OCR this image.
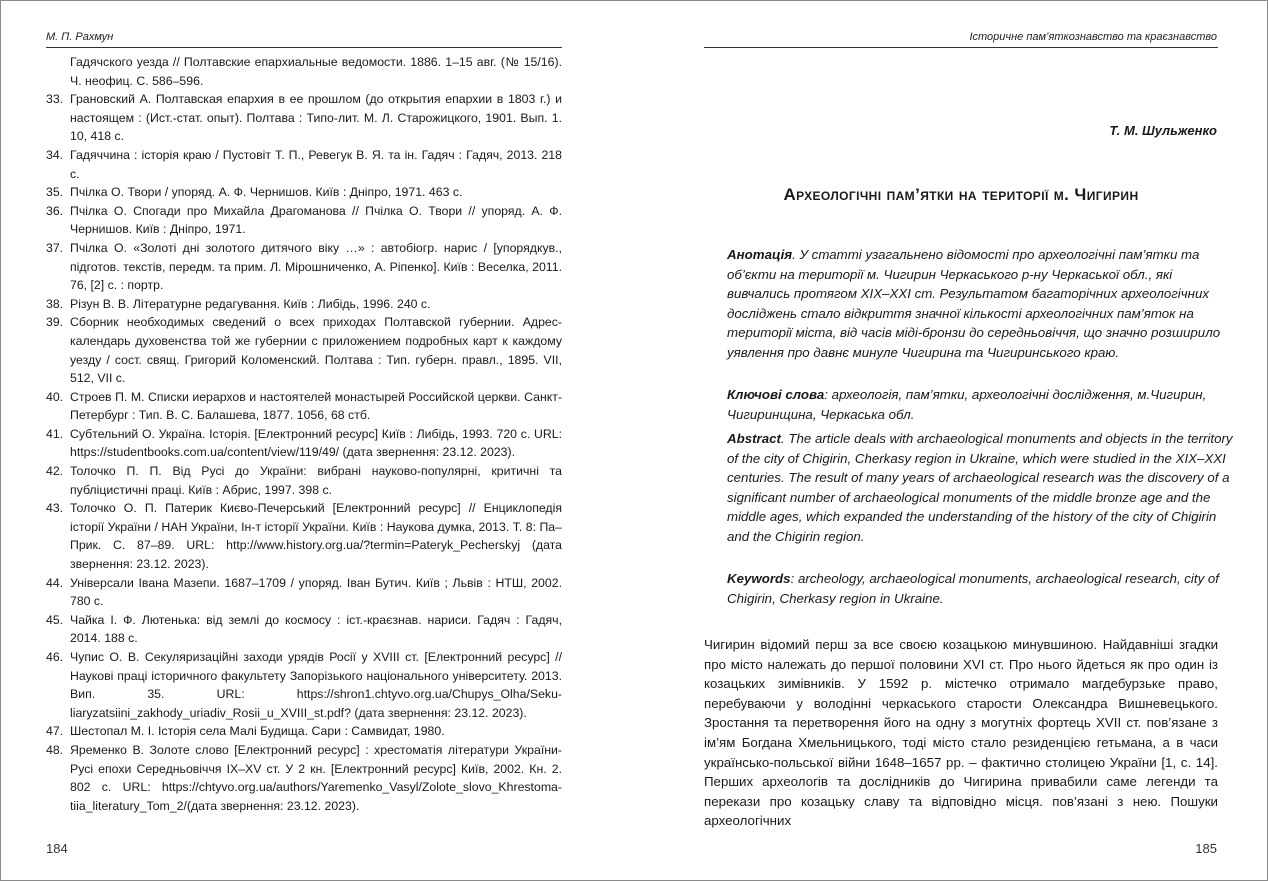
М. П. Рахмун
Гадячского уезда // Полтавские епархиальные ведомости. 1886. 1–15 авг. (№ 15/16). Ч. неофиц. С. 586–596.
33. Грановский А. Полтавская епархия в ее прошлом (до открытия епархии в 1803 г.) и настоящем : (Ист.-стат. опыт). Полтава : Типо-лит. М. Л. Старожицкого, 1901. Вып. 1. 10, 418 с.
34. Гадяччина : історія краю / Пустовіт Т. П., Ревегук В. Я. та ін. Гадяч : Гадяч, 2013. 218 с.
35. Пчілка О. Твори / упоряд. А. Ф. Чернишов. Київ : Дніпро, 1971. 463 с.
36. Пчілка О. Спогади про Михайла Драгоманова // Пчілка О. Твори // упоряд. А. Ф. Чернишов. Київ : Дніпро, 1971.
37. Пчілка О. «Золоті дні золотого дитячого віку …» : автобіогр. нарис / [упорядкув., підготов. текстів, передм. та прим. Л. Мірошниченко, А. Ріпенко]. Київ : Веселка, 2011. 76, [2] с. : портр.
38. Різун В. В. Літературне редагування. Київ : Либідь, 1996. 240 с.
39. Сборник необходимых сведений о всех приходах Полтавской губернии. Адрес-календарь духовенства той же губернии с приложением подробных карт к каждому уезду / сост. свящ. Григорий Коломенский. Полтава : Тип. губерн. правл., 1895. VII, 512, VII с.
40. Строев П. М. Списки иерархов и настоятелей монастырей Российской церкви. Санкт-Петербург : Тип. В. С. Балашева, 1877. 1056, 68 стб.
41. Субтельний О. Україна. Історія. [Електронний ресурс] Київ : Либідь, 1993. 720 с. URL: https://studentbooks.com.ua/content/view/119/49/ (дата звернення: 23.12. 2023).
42. Толочко П. П. Від Русі до України: вибрані науково-популярні, критичні та публіцистичні праці. Київ : Абрис, 1997. 398 с.
43. Толочко О. П. Патерик Києво-Печерський [Електронний ресурс] // Енциклопедія історії України / НАН України, Ін-т історії України. Київ : Наукова думка, 2013. Т. 8: Па–Прик. С. 87–89. URL: http://www.history.org.ua/?termin=Pateryk_Pecherskyj (дата звернення: 23.12. 2023).
44. Універсали Івана Мазепи. 1687–1709 / упоряд. Іван Бутич. Київ ; Львів : НТШ, 2002. 780 с.
45. Чайка І. Ф. Лютенька: від землі до космосу : іст.-краєзнав. нариси. Гадяч : Гадяч, 2014. 188 с.
46. Чупис О. В. Секуляризаційні заходи урядів Росії у XVIII ст. [Електронний ресурс] // Наукові праці історичного факультету Запорізького національного університету. 2013. Вип. 35. URL: https://shron1.chtyvo.org.ua/Chupys_Olha/Seku-liaryzatsiini_zakhody_uriadiv_Rosii_u_XVIII_st.pdf? (дата звернення: 23.12. 2023).
47. Шестопал М. І. Історія села Малі Будища. Сари : Самвидат, 1980.
48. Яременко В. Золоте слово [Електронний ресурс] : хрестоматія літератури України-Русі епохи Середньовіччя IX–XV ст. У 2 кн. [Електронний ресурс] Київ, 2002. Кн. 2. 802 с. URL: https://chtyvo.org.ua/authors/Yaremenko_Vasyl/Zolote_slovo_Khrestoma-tiia_literatury_Tom_2/(дата звернення: 23.12. 2023).
184
Історичне пам’яткознавство та краєзнавство
Т. М. Шульженко
Археологічні пам’ятки на території м. Чигирин
Анотація. У статті узагальнено відомості про археологічні пам’ятки та об’єкти на території м. Чигирин Черкаського р-ну Черкаської обл., які вивчались протягом XIX–XXI ст. Результатом багаторічних археологічних досліджень стало відкриття значної кількості археологічних пам’яток на території міста, від часів міді-бронзи до середньовіччя, що значно розширило уявлення про давнє минуле Чигирина та Чигиринського краю.
Ключові слова: археологія, пам’ятки, археологічні дослідження, м.Чигирин, Чигиринщина, Черкаська обл.
Abstract. The article deals with archaeological monuments and objects in the territory of the city of Chigirin, Cherkasy region in Ukraine, which were studied in the XIX–XXI centuries. The result of many years of archaeological research was the discovery of a significant number of archaeological monuments of the middle bronze age and the middle ages, which expanded the understanding of the history of the city of Chigirin and the Chigirin region.
Keywords: archeology, archaeological monuments, archaeological research, city of Chigirin, Cherkasy region in Ukraine.
Чигирин відомий перш за все своєю козацькою минувшиною. Найдавніші згадки про місто належать до першої половини XVI ст. Про нього йдеться як про один із козацьких зимівників. У 1592 р. містечко отримало магдебурзьке право, перебуваючи у володінні черкаського старости Олександра Вишневецького. Зростання та перетворення його на одну з могутніх фортець XVII ст. пов’язане з ім’ям Богдана Хмельницького, тоді місто стало резиденцією гетьмана, а в часи українсько-польської війни 1648–1657 рр. – фактично столицею України [1, с. 14]. Перших археологів та дослідників до Чигирина привабили саме легенди та перекази про козацьку славу та відповідно місця. пов’язані з нею. Пошуки археологічних
185
